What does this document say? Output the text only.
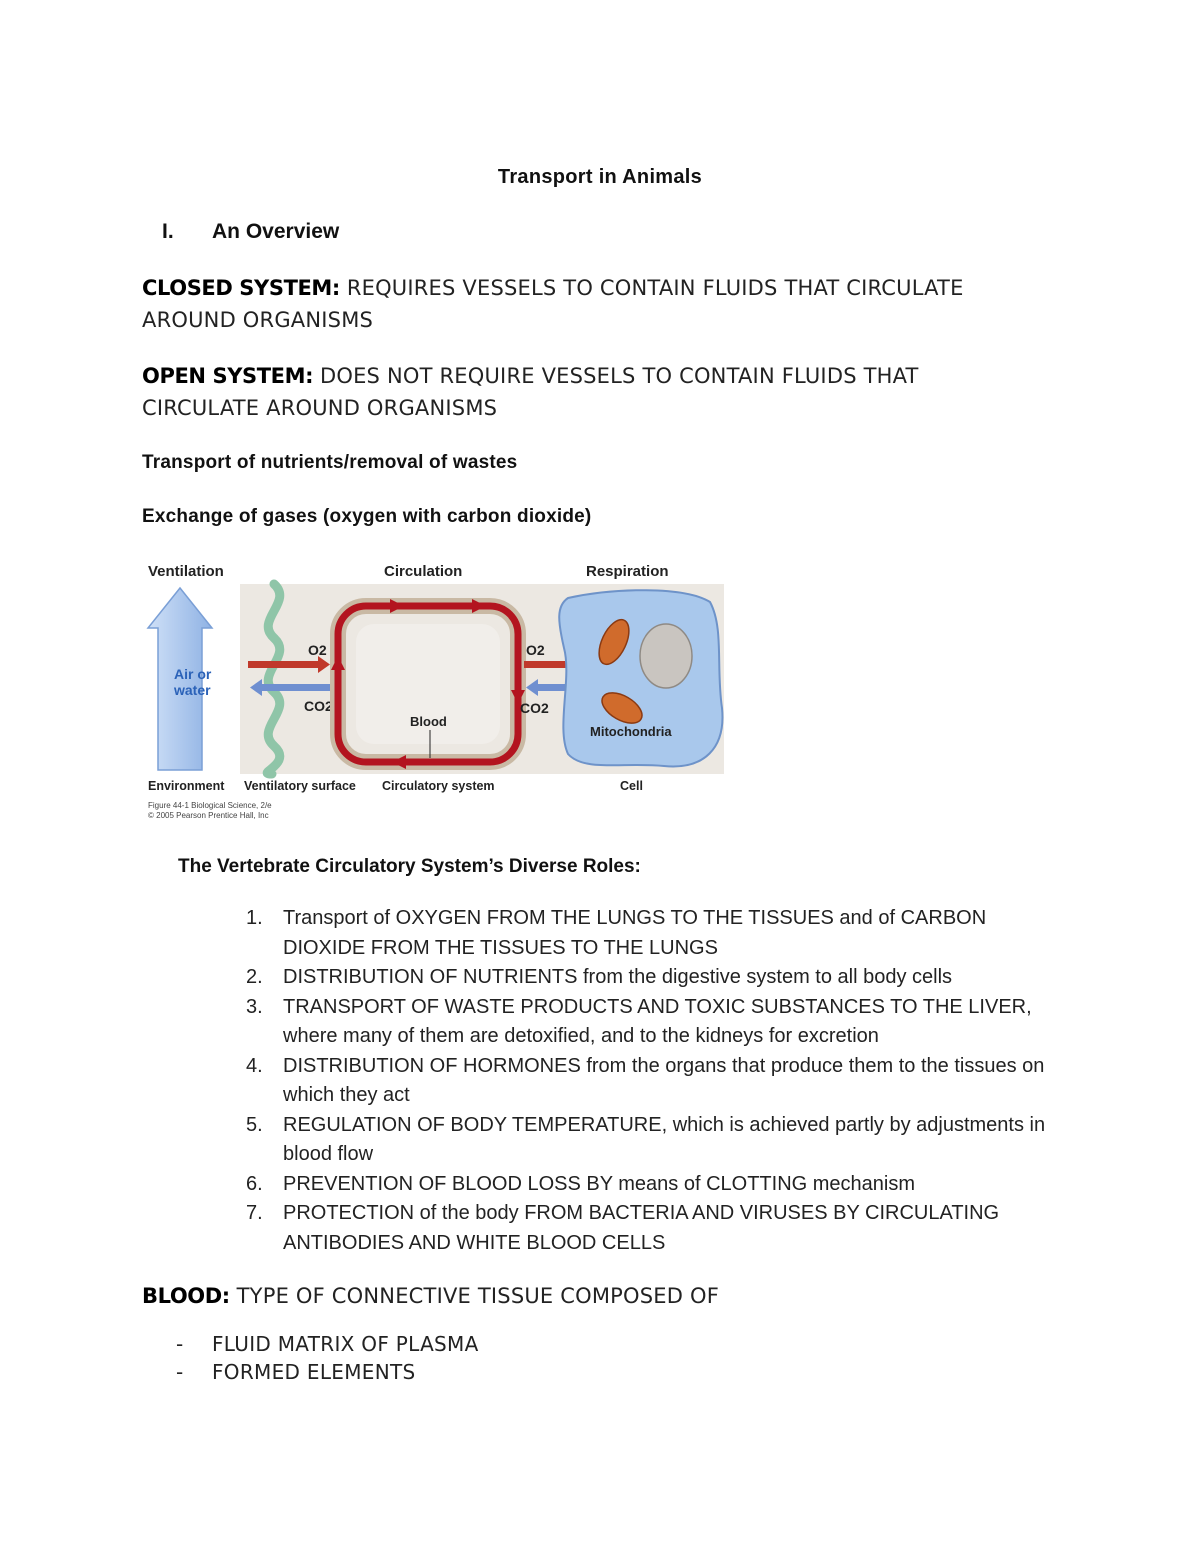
Transport in Animals
I. An Overview
CLOSED SYSTEM: REQUIRES VESSELS TO CONTAIN FLUIDS THAT CIRCULATE AROUND ORGANISMS
OPEN SYSTEM: DOES NOT REQUIRE VESSELS TO CONTAIN FLUIDS THAT CIRCULATE AROUND ORGANISMS
Transport of nutrients/removal of wastes
Exchange of gases (oxygen with carbon dioxide)
Ventilation	Circulation	Respiration
Air or
water
O2
CO2
Blood
O2
CO2
Mitochondria
Environment Ventilatory surface Circulatory system	Cell
Figure 44-1 Biological Science, 2/e
© 2005 Pearson Prentice Hall, Inc
The Vertebrate Circulatory System’s Diverse Roles:
1. Transport of OXYGEN FROM THE LUNGS TO THE TISSUES and of CARBON DIOXIDE FROM THE TISSUES TO THE LUNGS
2. DISTRIBUTION OF NUTRIENTS from the digestive system to all body cells
3. TRANSPORT OF WASTE PRODUCTS AND TOXIC SUBSTANCES TO THE LIVER, where many of them are detoxified, and to the kidneys for excretion
4. DISTRIBUTION OF HORMONES from the organs that produce them to the tissues on which they act
5. REGULATION OF BODY TEMPERATURE, which is achieved partly by adjustments in blood flow
6. PREVENTION OF BLOOD LOSS BY means of CLOTTING mechanism
7. PROTECTION of the body FROM BACTERIA AND VIRUSES BY CIRCULATING ANTIBODIES AND WHITE BLOOD CELLS
BLOOD: TYPE OF CONNECTIVE TISSUE COMPOSED OF
- FLUID MATRIX OF PLASMA
- FORMED ELEMENTS
